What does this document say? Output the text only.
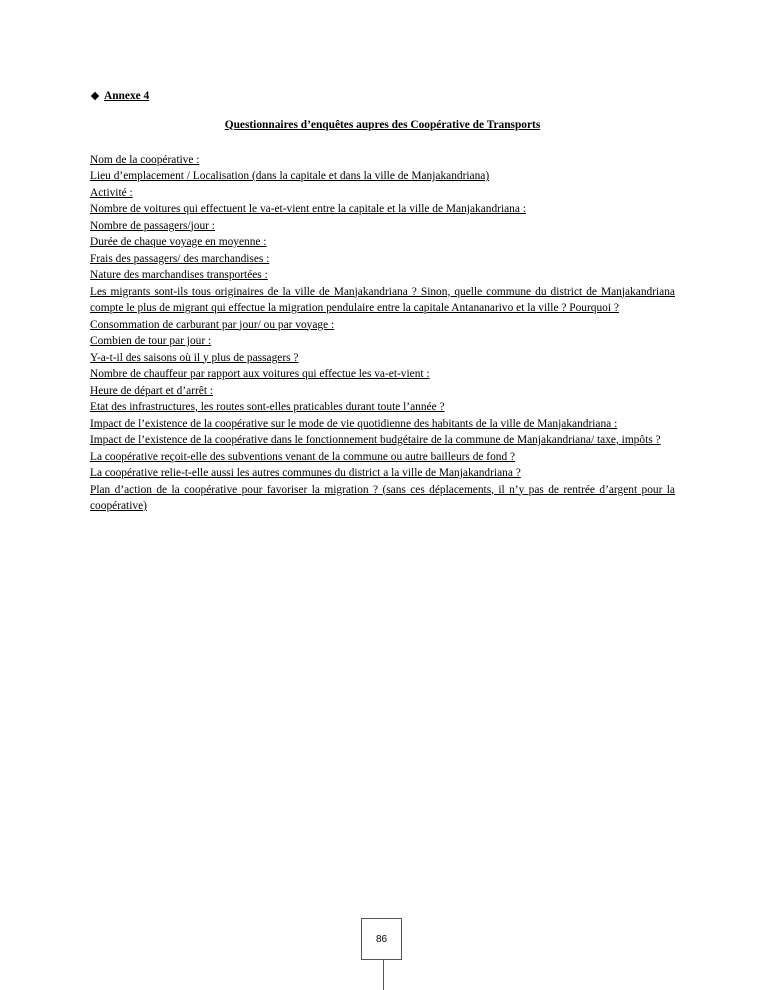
Annexe 4
Questionnaires d’enquêtes aupres des Coopérative de Transports
Nom de la coopérative :
Lieu d’emplacement / Localisation (dans la capitale et dans la ville de Manjakandriana)
Activité :
Nombre de voitures qui effectuent le va-et-vient entre la capitale et la ville de Manjakandriana :
Nombre de passagers/jour :
Durée de chaque voyage en moyenne :
Frais des passagers/ des marchandises :
Nature des marchandises transportées :
Les migrants sont-ils tous originaires de la ville de Manjakandriana ? Sinon, quelle commune du district de Manjakandriana compte le plus de migrant qui effectue la migration pendulaire entre la capitale Antananarivo et la ville ? Pourquoi ?
Consommation de carburant par jour/ ou par voyage :
Combien de tour par jour :
Y-a-t-il des saisons où il y plus de passagers ?
Nombre de chauffeur par rapport aux voitures qui effectue les va-et-vient :
Heure de départ et d’arrêt :
Etat des infrastructures, les routes sont-elles praticables durant toute l’année ?
Impact de l’existence de la coopérative sur le mode de vie quotidienne des habitants de la ville de Manjakandriana :
Impact de l’existence de la coopérative dans le fonctionnement budgétaire de la commune de Manjakandriana/ taxe, impôts ?
La coopérative reçoit-elle des subventions venant de la commune ou autre bailleurs de fond ?
La coopérative relie-t-elle aussi les autres communes du district a la ville de Manjakandriana ?
Plan d’action de la coopérative pour favoriser la migration ? (sans ces déplacements, il n’y pas de rentrée d’argent pour la coopérative)
86
